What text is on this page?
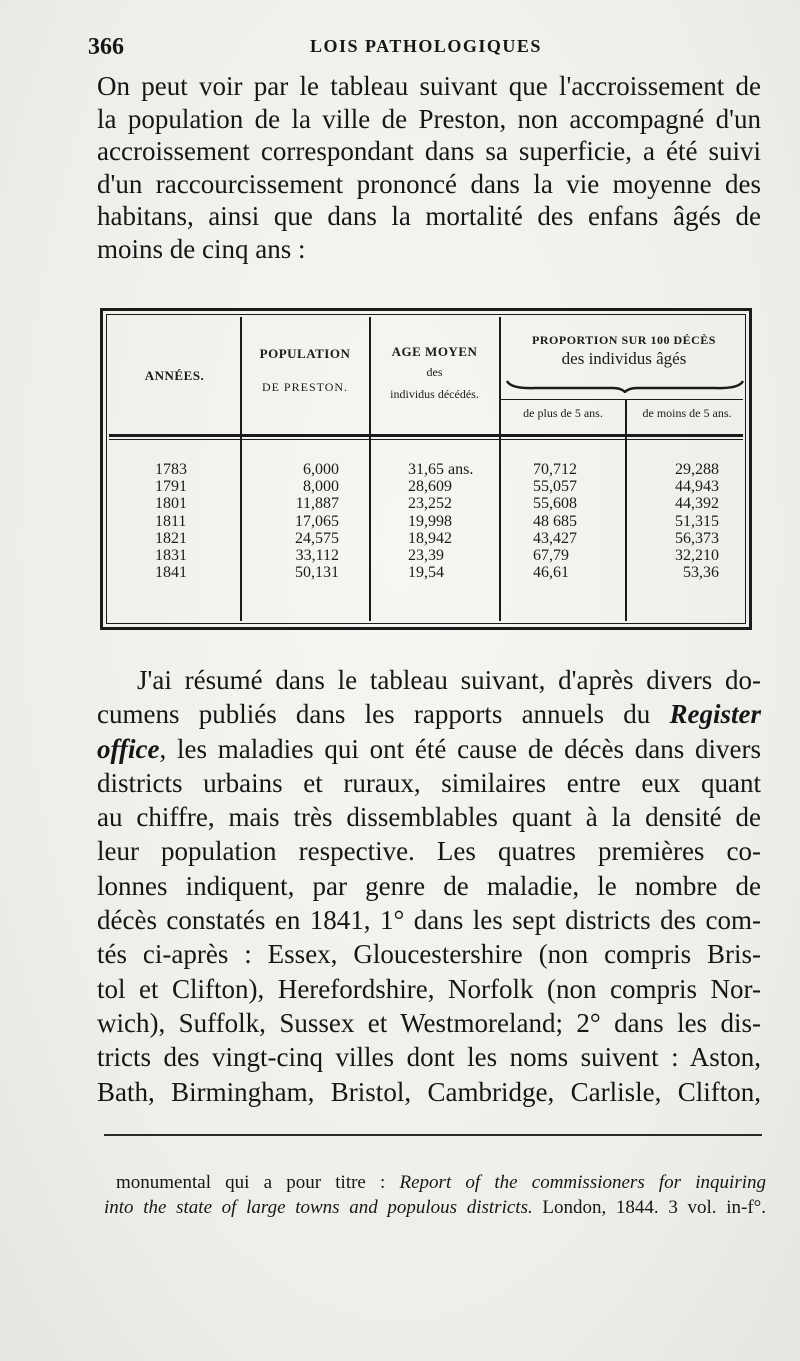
366	LOIS PATHOLOGIQUES
On peut voir par le tableau suivant que l'accroissement de
la population de la ville de Preston, non accompagné d'un
accroissement correspondant dans sa superficie, a été suivi
d'un raccourcissement prononcé dans la vie moyenne des
habitans, ainsi que dans la mortalité des enfans âgés de
moins de cinq ans :
ANNÉES.
POPULATION
DE PRESTON.
AGE MOYEN
des
individus décédés.
PROPORTION SUR 100 DÉCÈS
des individus âgés
de plus de 5 ans.	de moins de 5 ans.
1783
1791
1801
1811
1821
1831
1841
6,000
8,000
11,887
17,065
24,575
33,112
50,131
31,65 ans.
28,609
23,252
19,998
18,942
23,39
19,54
70,712
55,057
55,608
48 685
43,427
67,79
46,61
29,288
44,943
44,392
51,315
56,373
32,210
53,36
J'ai résumé dans le tableau suivant, d'après divers do-
cumens publiés dans les rapports annuels du Register
office, les maladies qui ont été cause de décès dans divers
districts urbains et ruraux, similaires entre eux quant
au chiffre, mais très dissemblables quant à la densité de
leur population respective. Les quatres premières co-
lonnes indiquent, par genre de maladie, le nombre de
décès constatés en 1841, 1° dans les sept districts des com-
tés ci-après : Essex, Gloucestershire (non compris Bris-
tol et Clifton), Herefordshire, Norfolk (non compris Nor-
wich), Suffolk, Sussex et Westmoreland; 2° dans les dis-
tricts des vingt-cinq villes dont les noms suivent : Aston,
Bath, Birmingham, Bristol, Cambridge, Carlisle, Clifton,
monumental qui a pour titre : Report of the commissioners for inquiring
into the state of large towns and populous districts. London, 1844. 3 vol. in-f°.
